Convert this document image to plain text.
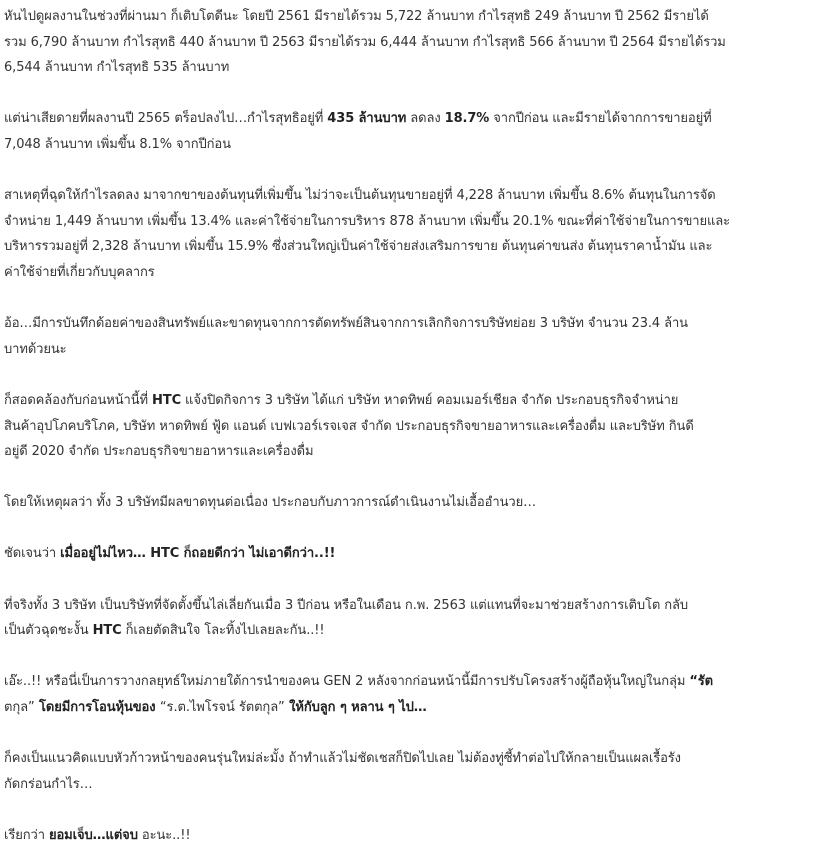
หันไปดูผลงานในช่วงที่ผ่านมา ก็เติบโตดีนะ โดยปี 2561 มีรายได้รวม 5,722 ล้านบาท กำไรสุทธิ 249 ล้านบาท ปี 2562 มีรายได้
รวม 6,790 ล้านบาท กำไรสุทธิ 440 ล้านบาท ปี 2563 มีรายได้รวม 6,444 ล้านบาท กำไรสุทธิ 566 ล้านบาท ปี 2564 มีรายได้รวม
6,544 ล้านบาท กำไรสุทธิ 535 ล้านบาท

แต่น่าเสียดายที่ผลงานปี 2565 ตร็อปลงไป…กำไรสุทธิอยู่ที่ 435 ล้านบาท ลดลง 18.7% จากปีก่อน และมีรายได้จากการขายอยู่ที่
7,048 ล้านบาท เพิ่มขึ้น 8.1% จากปีก่อน

สาเหตุที่ฉุดให้กำไรลดลง มาจากขาของต้นทุนที่เพิ่มขึ้น ไม่ว่าจะเป็นต้นทุนขายอยู่ที่ 4,228 ล้านบาท เพิ่มขึ้น 8.6% ต้นทุนในการจัด
จำหน่าย 1,449 ล้านบาท เพิ่มขึ้น 13.4% และค่าใช้จ่ายในการบริหาร 878 ล้านบาท เพิ่มขึ้น 20.1% ขณะที่ค่าใช้จ่ายในการขายและ
บริหารรวมอยู่ที่ 2,328 ล้านบาท เพิ่มขึ้น 15.9% ซึ่งส่วนใหญ่เป็นค่าใช้จ่ายส่งเสริมการขาย ต้นทุนค่าขนส่ง ต้นทุนราคาน้ำมัน และ
ค่าใช้จ่ายที่เกี่ยวกับบุคลากร

อ้อ…มีการบันทึกด้อยค่าของสินทรัพย์และขาดทุนจากการตัดทรัพย์สินจากการเลิกกิจการบริษัทย่อย 3 บริษัท จำนวน 23.4 ล้าน
บาทด้วยนะ

ก็สอดคล้องกับก่อนหน้านี้ที่ HTC แจ้งปิดกิจการ 3 บริษัท ได้แก่ บริษัท หาดทิพย์ คอมเมอร์เชียล จำกัด ประกอบธุรกิจจำหน่าย
สินค้าอุปโภคบริโภค, บริษัท หาดทิพย์ ฟู้ด แอนด์ เบฟเวอร์เรจเจส จำกัด ประกอบธุรกิจขายอาหารและเครื่องดื่ม และบริษัท กินดี
อยู่ดี 2020 จำกัด ประกอบธุรกิจขายอาหารและเครื่องดื่ม

โดยให้เหตุผลว่า ทั้ง 3 บริษัทมีผลขาดทุนต่อเนื่อง ประกอบกับภาวการณ์ดำเนินงานไม่เอื้ออำนวย…

ชัดเจนว่า เมื่ออยู่ไม่ไหว… HTC ก็ถอยดีกว่า ไม่เอาดีกว่า..!!

ที่จริงทั้ง 3 บริษัท เป็นบริษัทที่จัดตั้งขึ้นไล่เลี่ยกันเมื่อ 3 ปีก่อน หรือในเดือน ก.พ. 2563 แต่แทนที่จะมาช่วยสร้างการเติบโต กลับ
เป็นตัวฉุดชะงั้น HTC ก็เลยตัดสินใจ โละทิ้งไปเลยละกัน..!!

เอ๊ะ..!! หรือนี่เป็นการวางกลยุทธ์ใหม่ภายใต้การนำของคน GEN 2 หลังจากก่อนหน้านี้มีการปรับโครงสร้างผู้ถือหุ้นใหญ่ในกลุ่ม “รัต
ตกุล” โดยมีการโอนหุ้นของ “ร.ต.ไพโรจน์ รัตตกุล” ให้กับลูก ๆ หลาน ๆ ไป…

ก็คงเป็นแนวคิดแบบหัวก้าวหน้าของคนรุ่นใหม่ล่ะมั้ง ถ้าทำแล้วไม่ชัดเชสก็ปิดไปเลย ไม่ต้องทู่ซี้ทำต่อไปให้กลายเป็นแผลเรื้อรัง
กัดกร่อนกำไร…

เรียกว่า ยอมเจ็บ…แต่จบ อะนะ..!!
